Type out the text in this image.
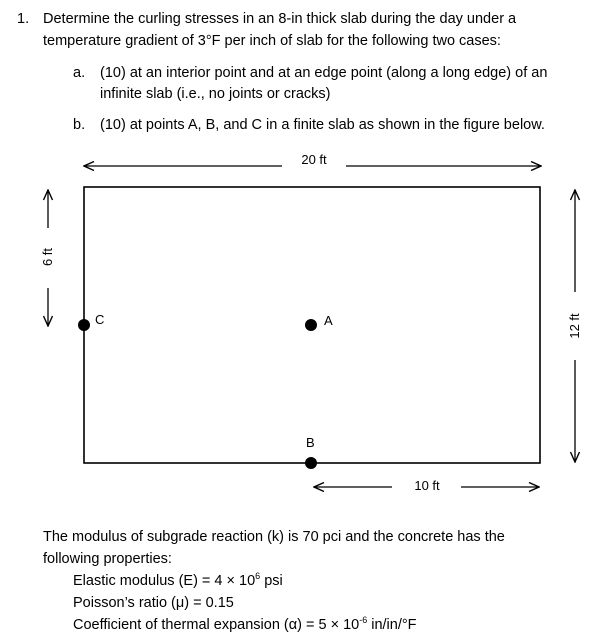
1. Determine the curling stresses in an 8-in thick slab during the day under a
temperature gradient of 3°F per inch of slab for the following two cases:
a. (10) at an interior point and at an edge point (along a long edge) of an
infinite slab (i.e., no joints or cracks)
b. (10) at points A, B, and C in a finite slab as shown in the figure below.
20 ft
6 ft
12 ft
10 ft
A
B
C
The modulus of subgrade reaction (k) is 70 pci and the concrete has the
following properties:
Elastic modulus $(E) = 4 \times 10^6$ psi
Poisson’s ratio (μ) = 0.15
Coefficient of thermal expansion $(\alpha) = 5 \times 10^{-6}$ in/in/°F
